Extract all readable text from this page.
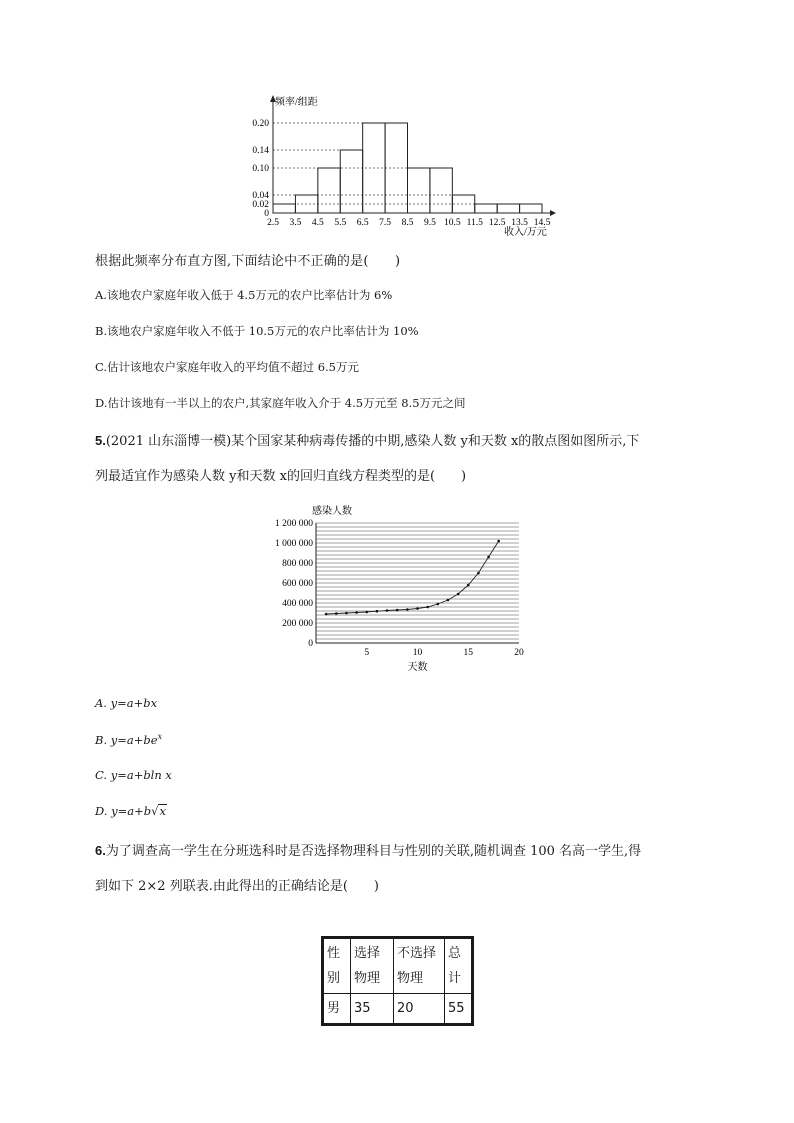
频率/组距
收入/万元
0
0.02
0.04
0.10
0.14
0.20
2.5 3.5 4.5 5.5 6.5 7.5 8.5 9.5 10.5 11.5 12.5 13.5 14.5
根据此频率分布直方图,下面结论中不正确的是(　　)
A.该地农户家庭年收入低于 4.5万元的农户比率估计为 6%
B.该地农户家庭年收入不低于 10.5万元的农户比率估计为 10%
C.估计该地农户家庭年收入的平均值不超过 6.5万元
D.估计该地有一半以上的农户,其家庭年收入介于 4.5万元至 8.5万元之间
5.(2021 山东淄博一模)某个国家某种病毒传播的中期,感染人数 y和天数 x的散点图如图所示,下
列最适宜作为感染人数 y和天数 x的回归直线方程类型的是(　　)
感染人数
200 000
400 000
600 000
800 000
1 000 000
1 200 000
0
5	10	15	20
天数
A. y=a+bx
B. $y=a+be^x$
C. y=a+bln x
D. y=a+b√x
6.为了调查高一学生在分班选科时是否选择物理科目与性别的关联,随机调查 100 名高一学生,得
到如下 2×2 列联表.由此得出的正确结论是(　　)
性别	选择物理	不选择物理	总计
男	35	20	55
